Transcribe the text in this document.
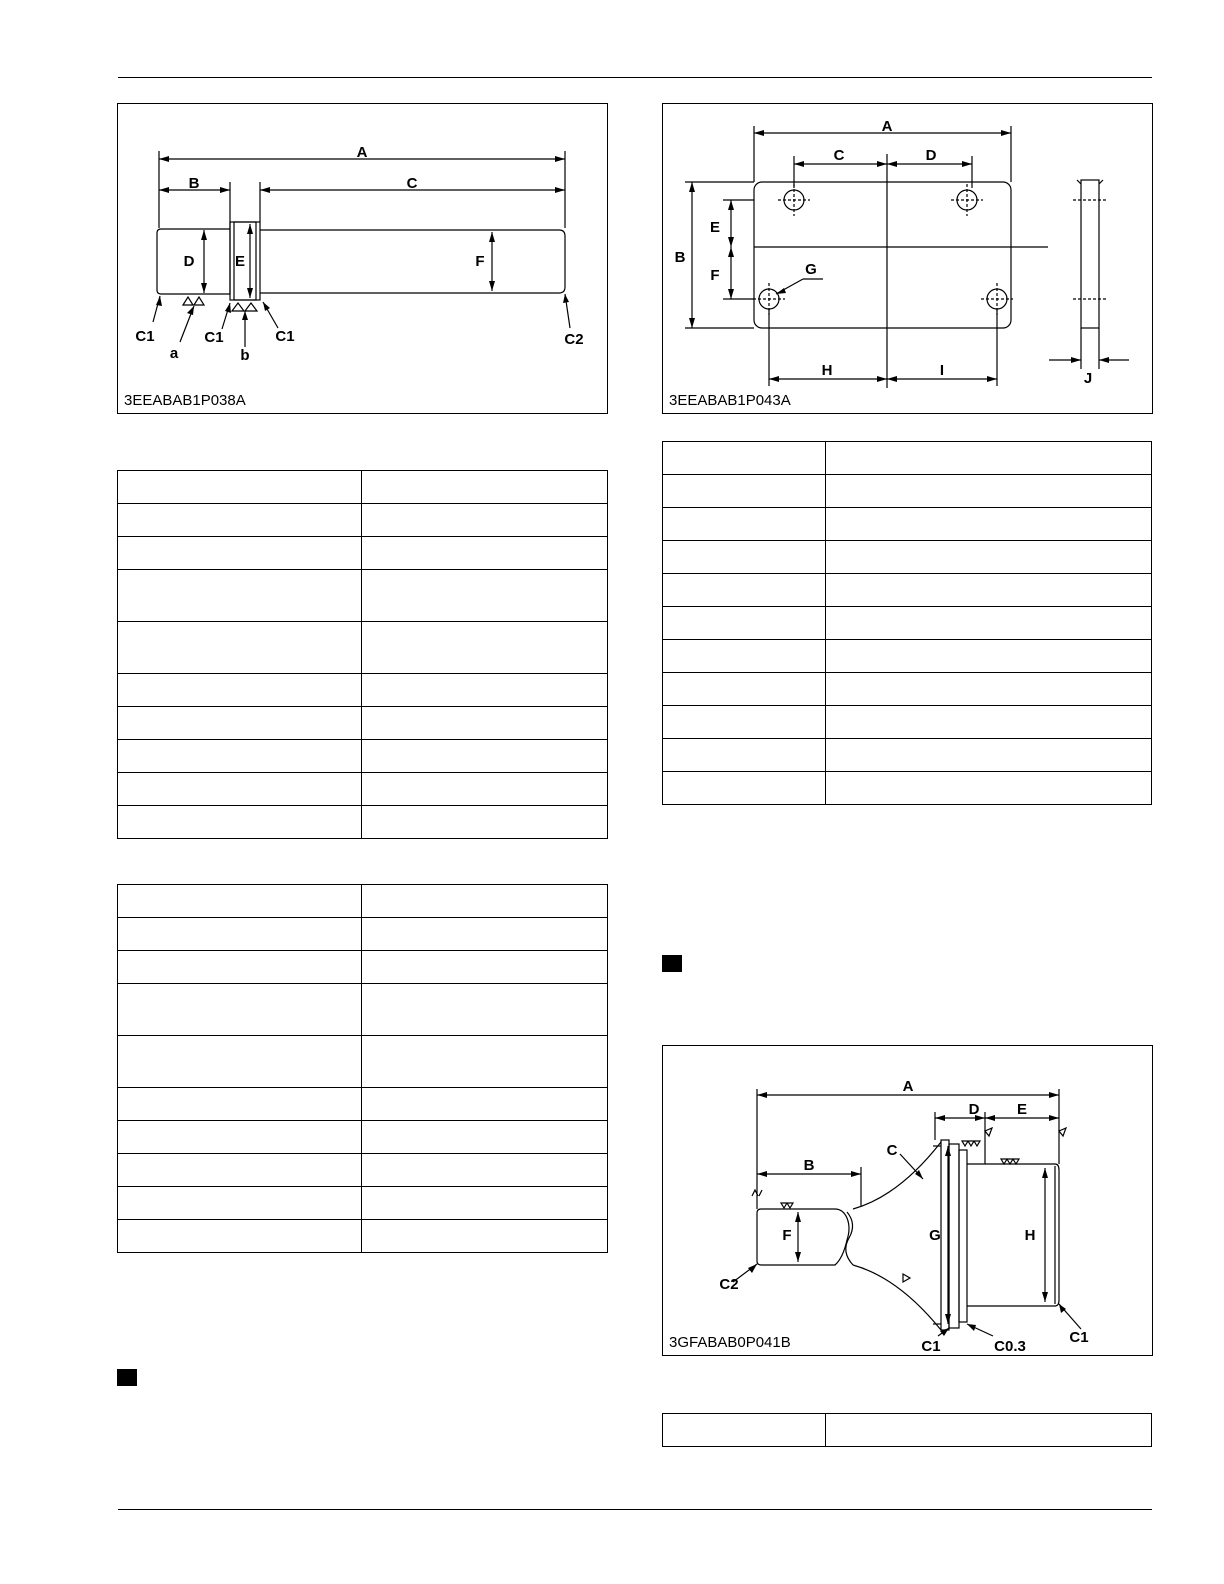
A
B	C
D	E	F
C1
a
C1
b
C1	C2
3EEABAB1P038A
A
C	D
B
E
F	G
H	I	J
3EEABAB1P043A
A
D	E
B
C
F	G	H
C2
C1	C0.3
C1
3GFABAB0P041B
